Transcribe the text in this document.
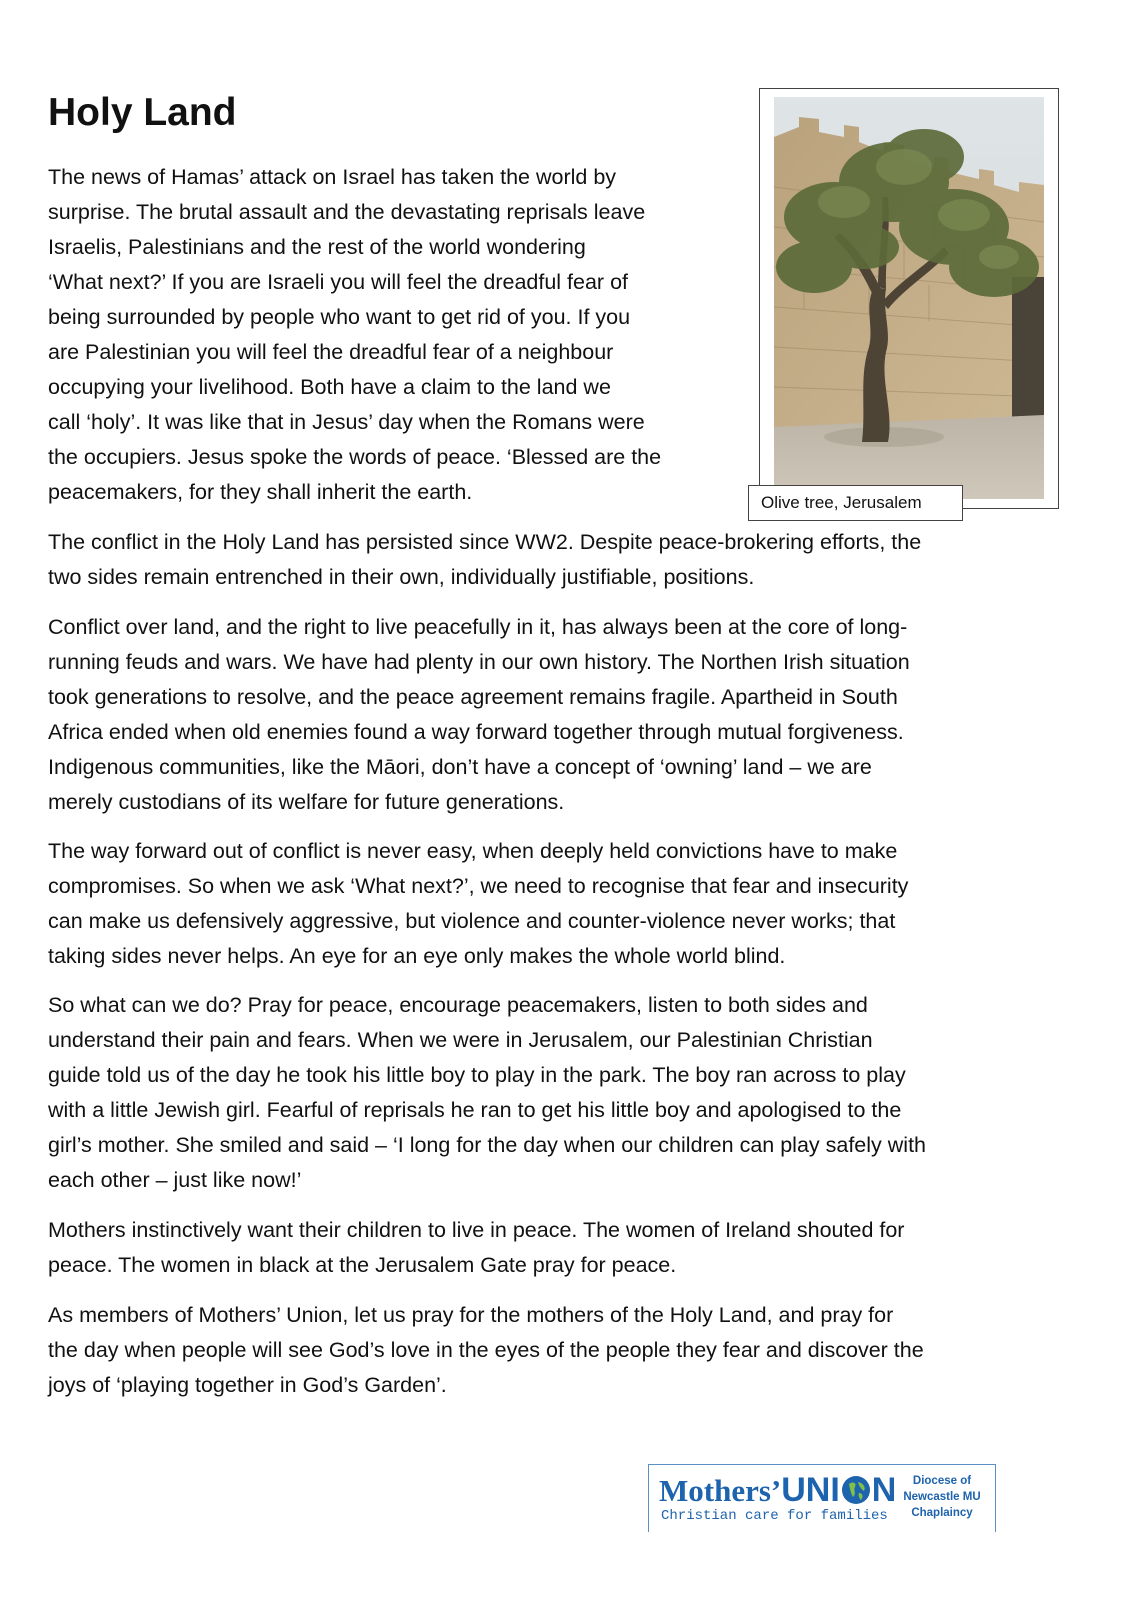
Holy Land
The news of Hamas’ attack on Israel has taken the world by
surprise. The brutal assault and the devastating reprisals leave
Israelis, Palestinians and the rest of the world wondering
‘What next?’ If you are Israeli you will feel the dreadful fear of
being surrounded by people who want to get rid of you. If you
are Palestinian you will feel the dreadful fear of a neighbour
occupying your livelihood. Both have a claim to the land we
call ‘holy’. It was like that in Jesus’ day when the Romans were
the occupiers. Jesus spoke the words of peace. ‘Blessed are the
peacemakers, for they shall inherit the earth.
The conflict in the Holy Land has persisted since WW2. Despite peace-brokering efforts, the
two sides remain entrenched in their own, individually justifiable, positions.
Conflict over land, and the right to live peacefully in it, has always been at the core of long-
running feuds and wars. We have had plenty in our own history. The Northen Irish situation
took generations to resolve, and the peace agreement remains fragile. Apartheid in South
Africa ended when old enemies found a way forward together through mutual forgiveness.
Indigenous communities, like the Māori, don’t have a concept of ‘owning’ land – we are
merely custodians of its welfare for future generations.
The way forward out of conflict is never easy, when deeply held convictions have to make
compromises. So when we ask ‘What next?’, we need to recognise that fear and insecurity
can make us defensively aggressive, but violence and counter-violence never works; that
taking sides never helps. An eye for an eye only makes the whole world blind.
So what can we do? Pray for peace, encourage peacemakers, listen to both sides and
understand their pain and fears. When we were in Jerusalem, our Palestinian Christian
guide told us of the day he took his little boy to play in the park. The boy ran across to play
with a little Jewish girl. Fearful of reprisals he ran to get his little boy and apologised to the
girl’s mother. She smiled and said – ‘I long for the day when our children can play safely with
each other – just like now!’
Mothers instinctively want their children to live in peace. The women of Ireland shouted for
peace. The women in black at the Jerusalem Gate pray for peace.
As members of Mothers’ Union, let us pray for the mothers of the Holy Land, and pray for
the day when people will see God’s love in the eyes of the people they fear and discover the
joys of ‘playing together in God’s Garden’.
Olive tree, Jerusalem
Mothers’UNI N
Christian care for families
Diocese of
Newcastle MU
Chaplaincy
